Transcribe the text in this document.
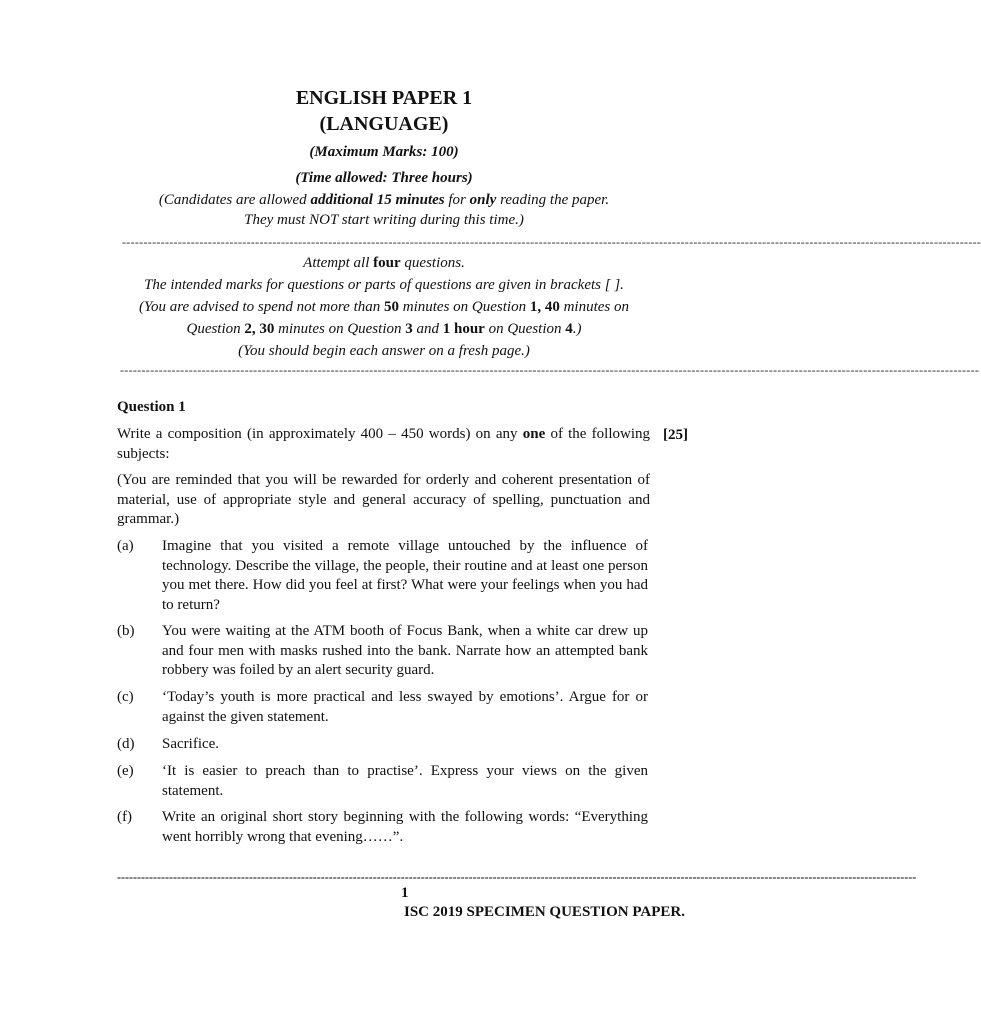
ENGLISH PAPER 1
(LANGUAGE)
(Maximum Marks: 100)
(Time allowed: Three hours)
(Candidates are allowed additional 15 minutes for only reading the paper.
They must NOT start writing during this time.)
--------------------------------------------------------------------------------------------------------------------------------------------------------------------------------------------------------
Attempt all four questions.
The intended marks for questions or parts of questions are given in brackets [ ].
(You are advised to spend not more than 50 minutes on Question 1, 40 minutes on
Question 2, 30 minutes on Question 3 and 1 hour on Question 4.)
(You should begin each answer on a fresh page.)
--------------------------------------------------------------------------------------------------------------------------------------------------------------------------------------------------------
Question 1
Write a composition (in approximately 400 – 450 words) on any one of the following subjects:
[25]
(You are reminded that you will be rewarded for orderly and coherent presentation of material, use of appropriate style and general accuracy of spelling, punctuation and grammar.)
(a) Imagine that you visited a remote village untouched by the influence of technology. Describe the village, the people, their routine and at least one person you met there. How did you feel at first? What were your feelings when you had to return?
(b) You were waiting at the ATM booth of Focus Bank, when a white car drew up and four men with masks rushed into the bank. Narrate how an attempted bank robbery was foiled by an alert security guard.
(c) ‘Today’s youth is more practical and less swayed by emotions’. Argue for or against the given statement.
(d) Sacrifice.
(e) ‘It is easier to preach than to practise’. Express your views on the given statement.
(f) Write an original short story beginning with the following words: “Everything went horribly wrong that evening……”.
--------------------------------------------------------------------------------------------------------------------------------------------------------------------------------------------------------
1
ISC 2019 SPECIMEN QUESTION PAPER.
